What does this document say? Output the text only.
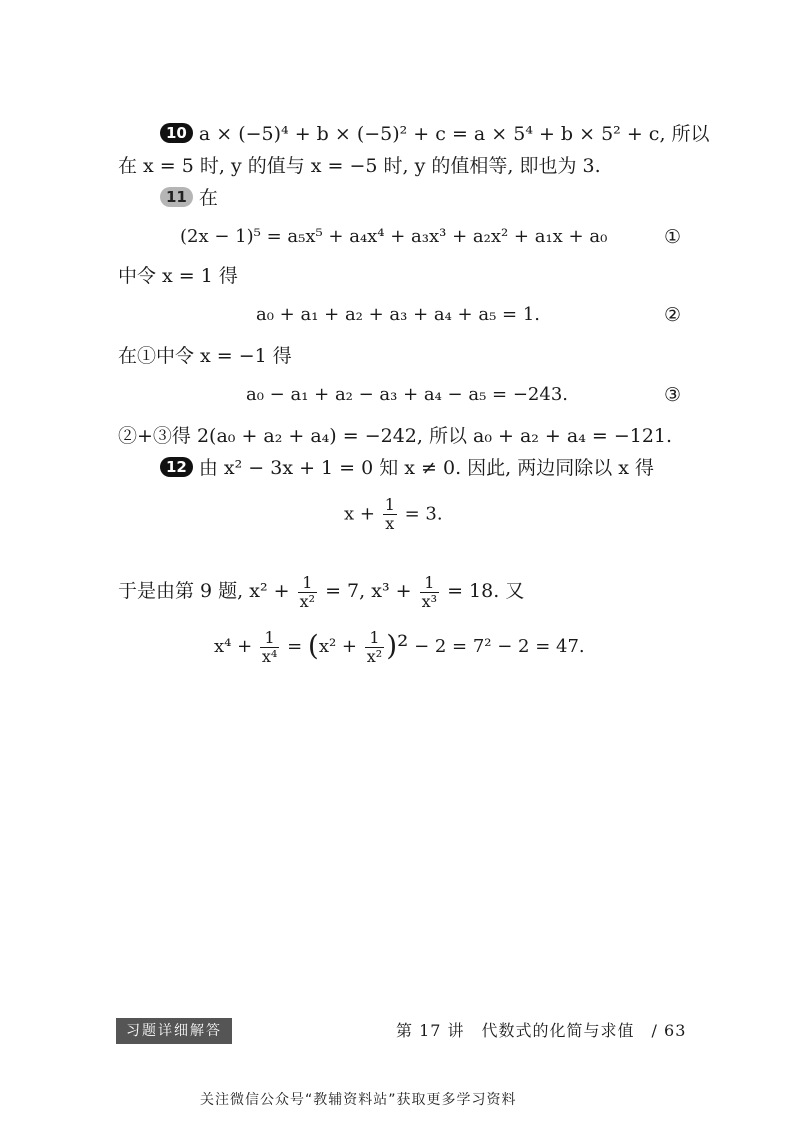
10 a × (−5)⁴ + b × (−5)² + c = a × 5⁴ + b × 5² + c, 所以
在 x = 5 时, y 的值与 x = −5 时, y 的值相等, 即也为 3.
11 在
(2x − 1)⁵ = a₅x⁵ + a₄x⁴ + a₃x³ + a₂x² + a₁x + a₀	①
中令 x = 1 得
a₀ + a₁ + a₂ + a₃ + a₄ + a₅ = 1.	②
在①中令 x = −1 得
a₀ − a₁ + a₂ − a₃ + a₄ − a₅ = −243.	③
②+③得 2(a₀ + a₂ + a₄) = −242, 所以 a₀ + a₂ + a₄ = −121.
12 由 x² − 3x + 1 = 0 知 x ≠ 0. 因此, 两边同除以 x 得
$x + \frac{1}{x} = 3$.
于是由第 9 题, $x^2 + \frac{1}{\text{x²}} = 7$, $x^3 + \frac{1}{\text{x³}} = 18$. 又
$x^4 + \frac{1}{\text{x⁴}} = (x^2 + \frac{1}{\text{x²}} )^2 - 2 = 7^2 - 2 = 47$.
习题详细解答	第 17 讲　代数式的化简与求值　/ 63
关注微信公众号“教辅资料站”获取更多学习资料
